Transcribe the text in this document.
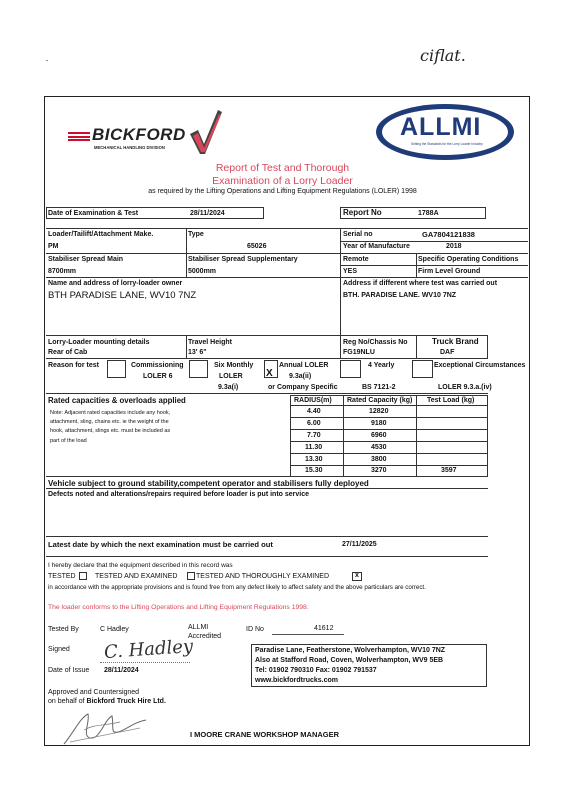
ciflat.
BICKFORD
MECHANICAL HANDLING DIVISION
ALLMI
Setting the Standards for the Lorry Loader Industry
Report of Test and Thorough
Examination of a Lorry Loader
as required by the Lifting Operations and Lifting Equipment Regulations (LOLER) 1998
Date of Examination & Test	28/11/2024	Report No	1788A
Loader/Tailift/Attachment Make.
PM
Type
65026
Serial no	GA7804121838
Year of Manufacture	2018
Stabiliser Spread Main
8700mm
Stabiliser Spread Supplementary
5000mm
Remote
YES
Specific Operating Conditions
Firm Level Ground
Name and address of lorry-loader owner
BTH PARADISE LANE, WV10 7NZ
Address if different where test was carried out
BTH. PARADISE LANE. WV10 7NZ
Lorry-Loader mounting details
Rear of Cab
Travel Height
13' 6"
Reg No/Chassis No
FG19NLU
Truck Brand
DAF
Reason for test	Commissioning
LOLER 6
Six Monthly
LOLER
9.3a(i)
X
Annual LOLER
9.3a(ii)
or Company Specific
4 Yearly
BS 7121-2
Exceptional Circumstances
LOLER 9.3.a.(iv)
Rated capacities & overloads applied
Note: Adjacent rated capacities include any hook,
attachment, sling, chains etc. ie the weight of the
hook, attachment, slings etc. must be included as
part of the load
RADIUS(m) Rated Capacity (kg) Test Load (kg)
4.40	12820
6.00	9180
7.70	6960
11.30	4530
13.30	3800
15.30	3270	3597
Vehicle subject to ground stability,competent operator and stabilisers fully deployed
Defects noted and alterations/repairs required before loader is put into service
Latest date by which the next examination must be carried out	27/11/2025
I hereby declare that the equipment described in this record was
TESTED	TESTED AND EXAMINED	TESTED AND THOROUGHLY EXAMINED	x
in accordance with the appropriate provisions and is found free from any defect likely to affect safety and the above particulars are correct.
The loader conforms to the Lifting Operations and Lifting Equipment Regulations 1998.
Tested By	C Hadley	ALLMI
Accredited
ID No	41612
Signed C. Hadley
Date of Issue 28/11/2024
Paradise Lane, Featherstone, Wolverhampton, WV10 7NZ
Also at Stafford Road, Coven, Wolverhampton, WV9 5EB
Tel: 01902 790310 Fax: 01902 791537
www.bickfordtrucks.com
Approved and Countersigned
on behalf of Bickford Truck Hire Ltd.
I MOORE CRANE WORKSHOP MANAGER
